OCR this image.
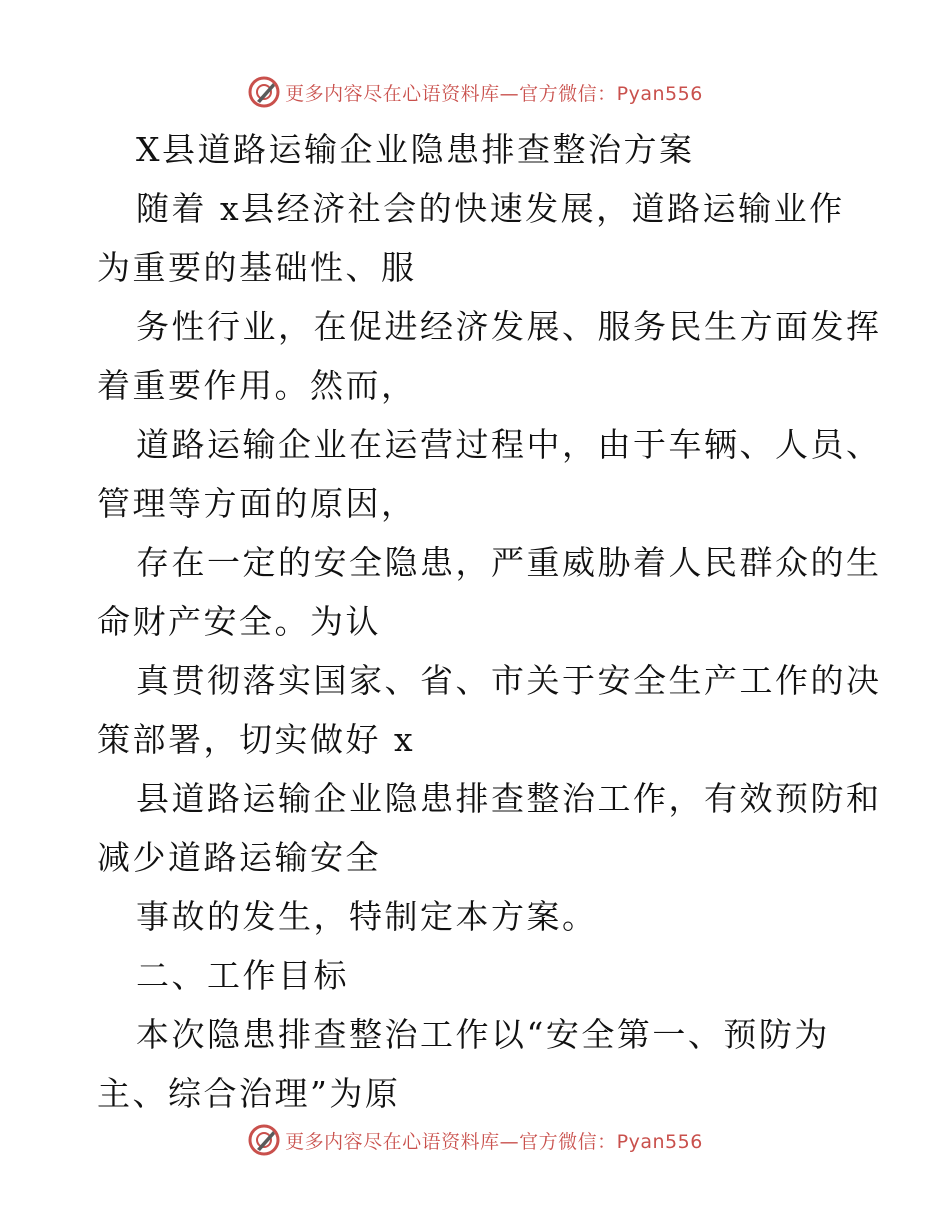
更多内容尽在心语资料库—官方微信：Pyan556
X县道路运输企业隐患排查整治方案
随着 x县经济社会的快速发展，道路运输业作
为重要的基础性、服
务性行业，在促进经济发展、服务民生方面发挥
着重要作用。然而，
道路运输企业在运营过程中，由于车辆、人员、
管理等方面的原因，
存在一定的安全隐患，严重威胁着人民群众的生
命财产安全。为认
真贯彻落实国家、省、市关于安全生产工作的决
策部署，切实做好 x
县道路运输企业隐患排查整治工作，有效预防和
减少道路运输安全
事故的发生，特制定本方案。
二、工作目标
本次隐患排查整治工作以“安全第一、预防为
主、综合治理”为原
更多内容尽在心语资料库—官方微信：Pyan556
